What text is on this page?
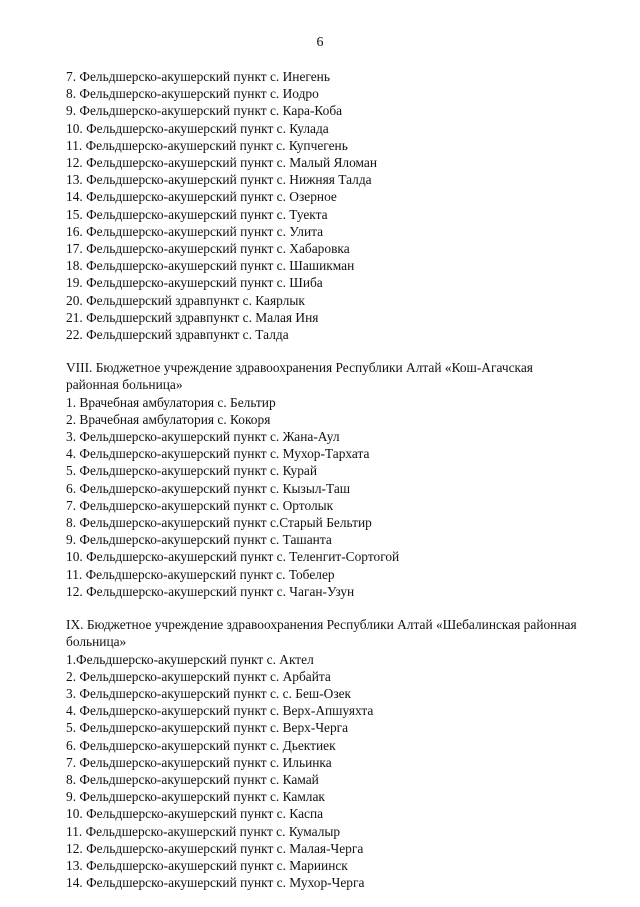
6
7. Фельдшерско-акушерский пункт с. Инегень
8. Фельдшерско-акушерский пункт с. Иодро
9. Фельдшерско-акушерский пункт с. Кара-Коба
10. Фельдшерско-акушерский пункт с. Кулада
11. Фельдшерско-акушерский пункт с. Купчегень
12. Фельдшерско-акушерский пункт с. Малый Яломан
13. Фельдшерско-акушерский пункт с. Нижняя Талда
14. Фельдшерско-акушерский пункт с. Озерное
15. Фельдшерско-акушерский пункт с. Туекта
16. Фельдшерско-акушерский пункт с. Улита
17. Фельдшерско-акушерский пункт с. Хабаровка
18. Фельдшерско-акушерский пункт с. Шашикман
19. Фельдшерско-акушерский пункт с. Шиба
20. Фельдшерский здравпункт с. Каярлык
21. Фельдшерский здравпункт с. Малая Иня
22. Фельдшерский здравпункт с. Талда
VIII. Бюджетное учреждение здравоохранения Республики Алтай «Кош-Агачская
районная больница»
1. Врачебная амбулатория с. Бельтир
2. Врачебная амбулатория с. Кокоря
3. Фельдшерско-акушерский пункт с. Жана-Аул
4. Фельдшерско-акушерский пункт с. Мухор-Тархата
5. Фельдшерско-акушерский пункт с. Курай
6. Фельдшерско-акушерский пункт с. Кызыл-Таш
7. Фельдшерско-акушерский пункт с. Ортолык
8. Фельдшерско-акушерский пункт с.Старый Бельтир
9. Фельдшерско-акушерский пункт с. Ташанта
10. Фельдшерско-акушерский пункт с. Теленгит-Сортогой
11. Фельдшерско-акушерский пункт с. Тобелер
12. Фельдшерско-акушерский пункт с. Чаган-Узун
IX. Бюджетное учреждение здравоохранения Республики Алтай «Шебалинская районная
больница»
1.Фельдшерско-акушерский пункт с. Актел
2. Фельдшерско-акушерский пункт с. Арбайта
3. Фельдшерско-акушерский пункт с. с. Беш-Озек
4. Фельдшерско-акушерский пункт с. Верх-Апшуяхта
5. Фельдшерско-акушерский пункт с. Верх-Черга
6. Фельдшерско-акушерский пункт с. Дьектиек
7. Фельдшерско-акушерский пункт с. Ильинка
8. Фельдшерско-акушерский пункт с. Камай
9. Фельдшерско-акушерский пункт с. Камлак
10. Фельдшерско-акушерский пункт с. Каспа
11. Фельдшерско-акушерский пункт с. Кумалыр
12. Фельдшерско-акушерский пункт с. Малая-Черга
13. Фельдшерско-акушерский пункт с. Мариинск
14. Фельдшерско-акушерский пункт с. Мухор-Черга
